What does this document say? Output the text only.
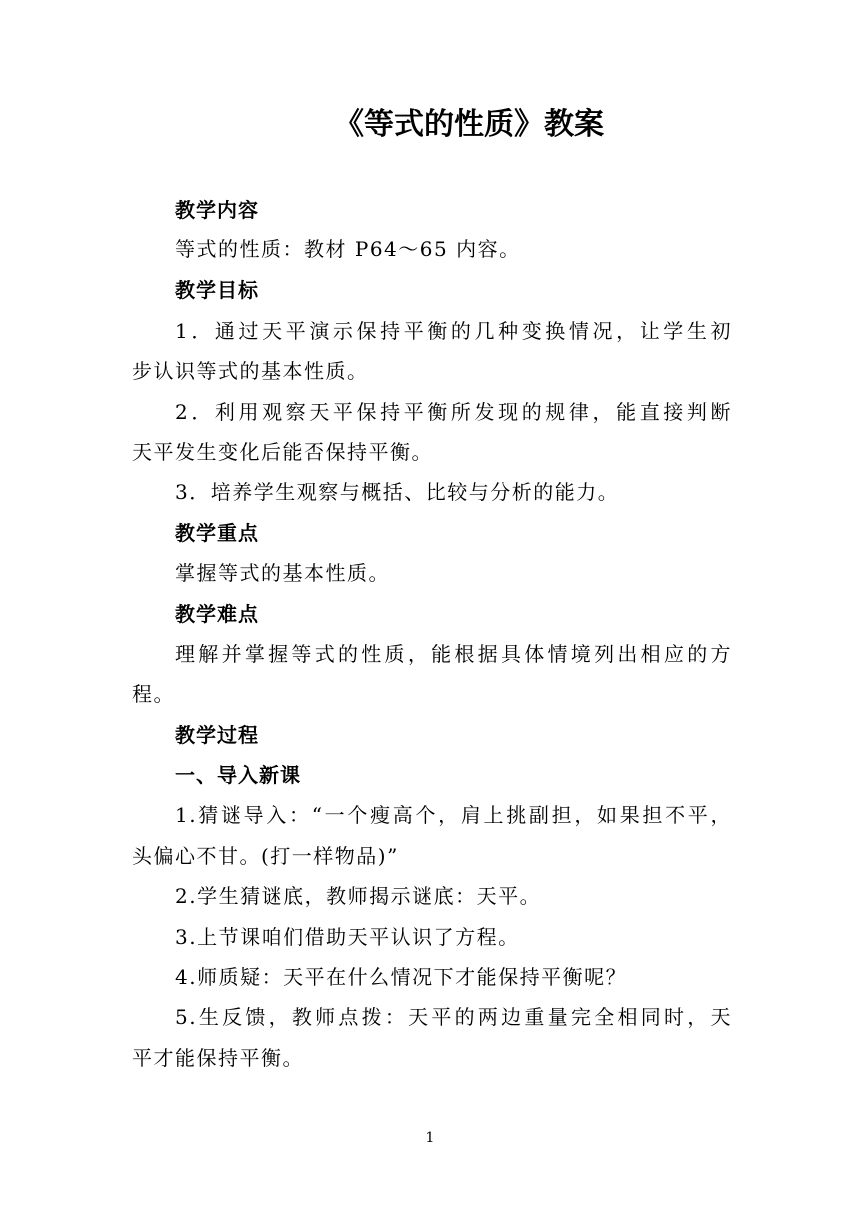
《等式的性质》教案
教学内容
等式的性质：教材 P64～65 内容。
教学目标
1．通过天平演示保持平衡的几种变换情况，让学生初
步认识等式的基本性质。
2．利用观察天平保持平衡所发现的规律，能直接判断
天平发生变化后能否保持平衡。
3．培养学生观察与概括、比较与分析的能力。
教学重点
掌握等式的基本性质。
教学难点
理解并掌握等式的性质，能根据具体情境列出相应的方
程。
教学过程
一、导入新课
1.猜谜导入：“一个瘦高个，肩上挑副担，如果担不平，
头偏心不甘。(打一样物品)”
2.学生猜谜底，教师揭示谜底：天平。
3.上节课咱们借助天平认识了方程。
4.师质疑：天平在什么情况下才能保持平衡呢？
5.生反馈，教师点拨：天平的两边重量完全相同时，天
平才能保持平衡。
1
